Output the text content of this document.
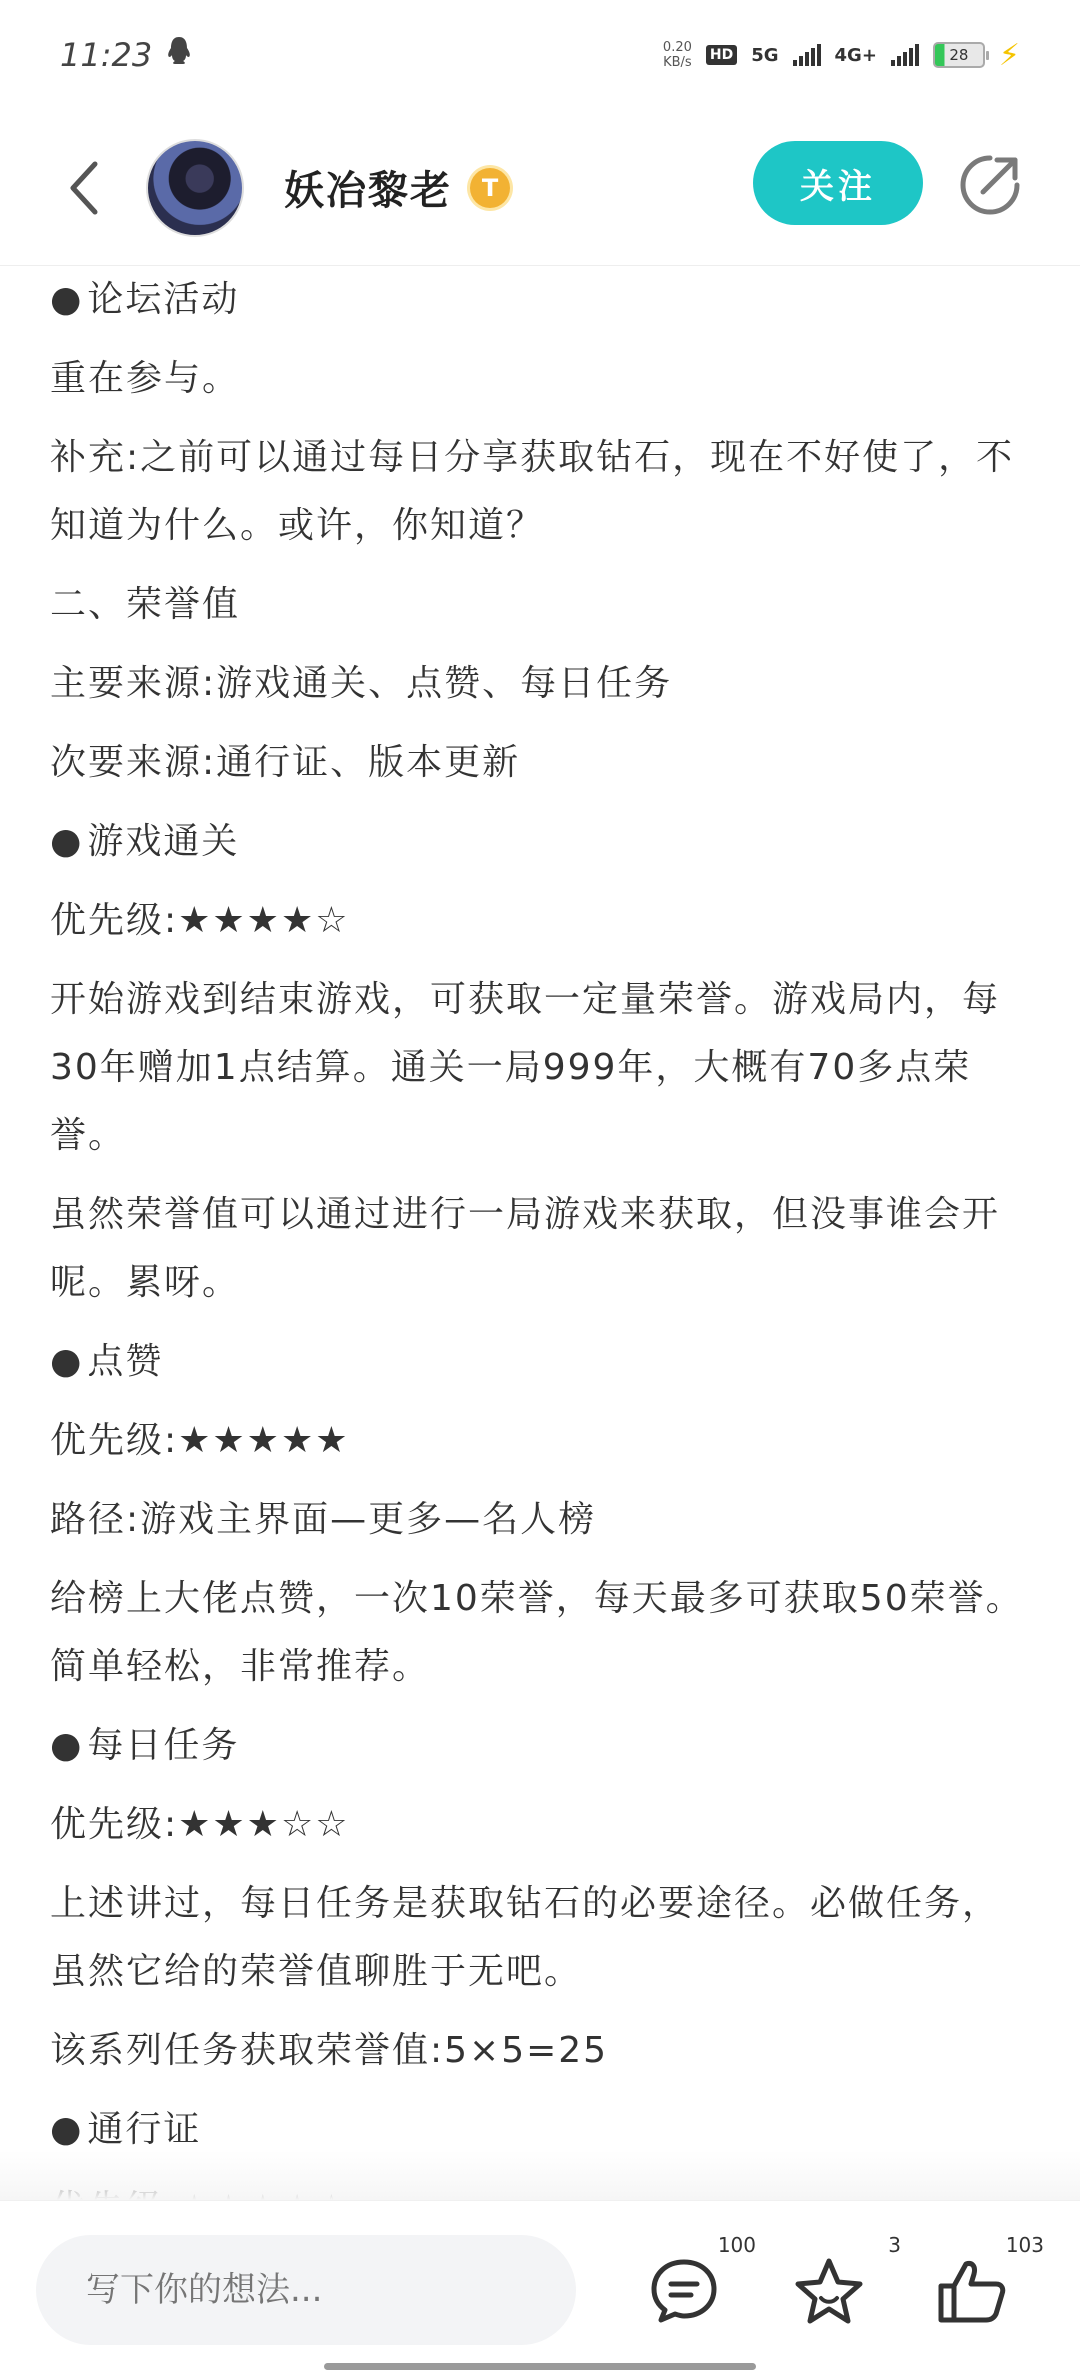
11:23	0.20
KB/s HD 5G	4G+	28 ⚡
妖冶黎老	T	关注
● 论坛活动
重在参与。
补充:之前可以通过每日分享获取钻石，现在不好使了，不知道为什么。或许，你知道？
二、荣誉值
主要来源:游戏通关、点赞、每日任务
次要来源:通行证、版本更新
● 游戏通关
优先级:★★★★☆
开始游戏到结束游戏，可获取一定量荣誉。游戏局内，每30年赠加1点结算。通关一局999年，大概有70多点荣誉。
虽然荣誉值可以通过进行一局游戏来获取，但没事谁会开呢。累呀。
● 点赞
优先级:★★★★★
路径:游戏主界面—更多—名人榜
给榜上大佬点赞，一次10荣誉，每天最多可获取50荣誉。简单轻松，非常推荐。
● 每日任务
优先级:★★★☆☆
上述讲过，每日任务是获取钻石的必要途径。必做任务，虽然它给的荣誉值聊胜于无吧。
该系列任务获取荣誉值:5×5=25
● 通行证
写下你的想法...
100	3	103
